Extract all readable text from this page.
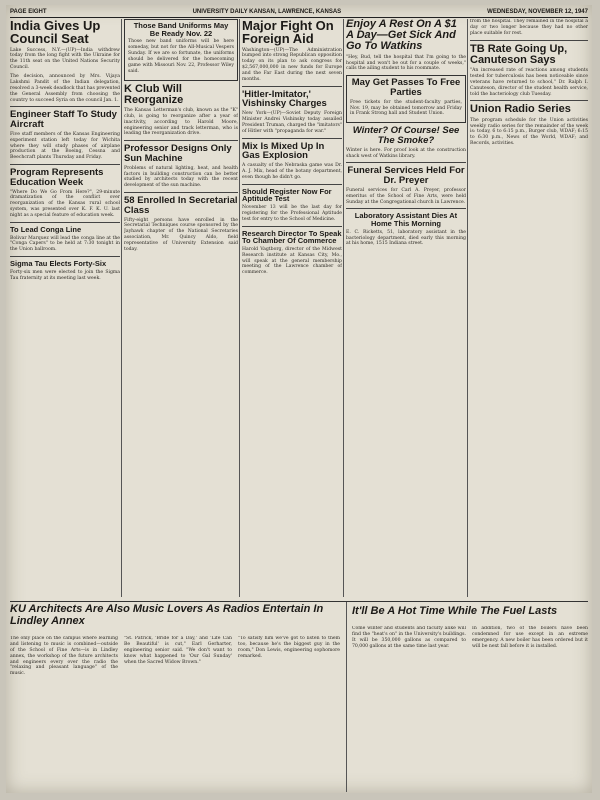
PAGE EIGHT	UNIVERSITY DAILY KANSAN, LAWRENCE, KANSAS	WEDNESDAY, NOVEMBER 12, 1947
India Gives Up Council Seat

Lake Success, N.Y.—(UP)—India withdrew today from the long fight with the Ukraine for the 11th seat on the United Nations Security Council.

The decision, announced by Mrs. Vijaya Lakshmi Pandit of the Indian delegation, resolved a 3-week deadlock that has prevented the General Assembly from choosing the country to succeed Syria on the council Jan. 1.

Engineer Staff To Study Aircraft

Five staff members of the Kansas Engineering experiment station left today for Wichita where they will study phases of airplane production at the Boeing, Cessna and Beechcraft plants Thursday and Friday.

Program Represents Education Week

"Where Do We Go From Here?", 29-minute dramatization of the conflict over reorganization of the Kansas rural school system, was presented over K. F. K. U. last night as a special feature of education week.

To Lead Conga Line

Bolivar Marquez will lead the conga line at the "Conga Capers" to be held at 7:30 tonight in the Union ballroom.

Sigma Tau Elects Forty-Six

Forty-six men were elected to join the Sigma Tau fraternity at its meeting last week.

Those Band Uniforms May Be Ready Nov. 22

Those new band uniforms will be here someday, but not for the All-Musical Vespers Sunday. If we are so fortunate, the uniforms should be delivered for the homecoming game with Missouri Nov. 22, Professor Wiley said.

K Club Will Reorganize

The Kansas Letterman's club, known as the "K" club, is going to reorganize after a year of inactivity, according to Harold Moore, engineering senior and track letterman, who is leading the reorganization drive.

Professor Designs Only Sun Machine

Problems of natural lighting, heat, and health factors in building construction can be better studied by architects today with the recent development of the sun machine.

58 Enrolled In Secretarial Class

Fifty-eight persons have enrolled in the Secretarial Techniques course sponsored by the Jayhawk chapter of the National Secretaries association, Mr. Quincy Aldo, field representative of University Extension said today.

Major Fight On Foreign Aid

Washington—(UP)—The Administration bumped into strong Republican opposition today on its plan to ask congress for $2,567,000,000 in new funds for Europe and the Far East during the next seven months.

'Hitler-Imitator,' Vishinsky Charges

New York—(UP)—Soviet Deputy Foreign Minister Andrei Vishinsky today assailed President Truman, charged the "imitators" of Hitler with "propaganda for war."

Mix Is Mixed Up In Gas Explosion

A casualty of the Nebraska game was Dr. A. J. Mix, head of the botany department, even though he didn't go.

Should Register Now For Aptitude Test

November 13 will be the last day for registering for the Professional Aptitude test for entry to the School of Medicine.

Research Director To Speak To Chamber Of Commerce

Harold Vagtborg, director of the Midwest Research institute at Kansas City, Mo., will speak at the general membership meeting of the Lawrence chamber of commerce.

Enjoy A Rest On A $1 A Day—Get Sick And Go To Watkins

"Hey, Bud, tell the hospital that I'm going to the hospital and won't be out for a couple of weeks," calls the ailing student to his roommate.

May Get Passes To Free Parties

Free tickets for the student-faculty parties, Nov. 19, may be obtained tomorrow and Friday in Frank Strong hall and Student Union.

Winter? Of Course! See The Smoke?

Winter is here. For proof look at the construction shack west of Watkins library.

Funeral Services Held For Dr. Preyer

Funeral services for Carl A. Preyer, professor emeritus of the School of Fine Arts, were held Sunday at the Congregational church in Lawrence.

Laboratory Assistant Dies At Home This Morning

E. C. Ricketts, 51, laboratory assistant in the bacteriology department, died early this morning at his home, 1515 Indiana street.

from the hospital. They remained in the hospital a day or two longer because they had no other place suitable for rest.

TB Rate Going Up, Canuteson Says

"An increased rate of reactions among students tested for tuberculosis has been noticeable since veterans have returned to school," Dr. Ralph I. Canuteson, director of the student health service, told the bacteriology club Tuesday.

Union Radio Series

The program schedule for the Union activities weekly radio series for the remainder of the week is: today, 6 to 6:15 p.m., Burger club, WDAF; 6:15 to 6:30 p.m., News of the World, WDAF; and Records, activities.

KU Architects Are Also Music Lovers As Radios Entertain In Lindley Annex

The only place on the campus where learning and listening to music is combined—outside of the School of Fine Arts—is in Lindley annex, the workshop of the future architects and engineers every over the radio the "relaxing and pleasant language" of the music.

"St. Patrick, 'Bride for a Day,' and 'Life Can Be Beautiful' is cut," Earl Gerharter, engineering senior said. "We don't want to know what happened to 'Our Gal Sunday' when the Sacred Widow Brown."

"To satisfy him we've got to listen to them too, because he's the biggest guy in the room," Don Lewis, engineering sophomore remarked.

It'll Be A Hot Time While The Fuel Lasts

Come winter and students and faculty alike will find the "heat's on" in the University's buildings. It will be 350,000 gallons as compared to 70,000 gallons at the same time last year.

In addition, two of the boilers have been condemned for use except in an extreme emergency. A new boiler has been ordered but it will be next fall before it is installed.
